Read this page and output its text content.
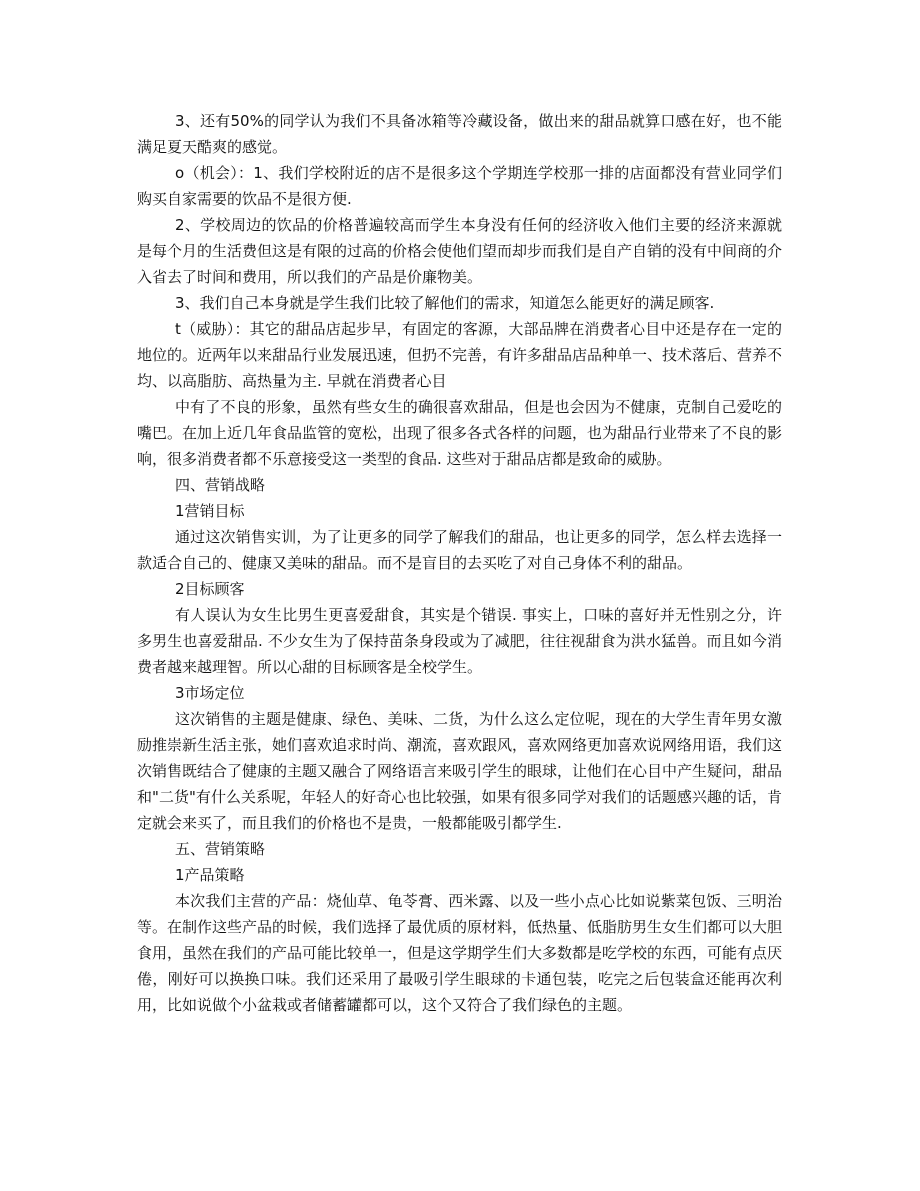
3、还有50%的同学认为我们不具备冰箱等冷藏设备，做出来的甜品就算口感在好，也不能满足夏天酷爽的感觉。

o（机会）：1、我们学校附近的店不是很多这个学期连学校那一排的店面都没有营业同学们购买自家需要的饮品不是很方便.

2、学校周边的饮品的价格普遍较高而学生本身没有任何的经济收入他们主要的经济来源就是每个月的生活费但这是有限的过高的价格会使他们望而却步而我们是自产自销的没有中间商的介入省去了时间和费用，所以我们的产品是价廉物美。

3、我们自己本身就是学生我们比较了解他们的需求，知道怎么能更好的满足顾客.

t（威胁）：其它的甜品店起步早，有固定的客源，大部品牌在消费者心目中还是存在一定的地位的。近两年以来甜品行业发展迅速，但扔不完善，有许多甜品店品种单一、技术落后、营养不均、以高脂肪、高热量为主. 早就在消费者心目

中有了不良的形象，虽然有些女生的确很喜欢甜品，但是也会因为不健康，克制自己爱吃的嘴巴。在加上近几年食品监管的宽松，出现了很多各式各样的问题，也为甜品行业带来了不良的影响，很多消费者都不乐意接受这一类型的食品. 这些对于甜品店都是致命的威胁。

四、营销战略

1营销目标

通过这次销售实训，为了让更多的同学了解我们的甜品，也让更多的同学，怎么样去选择一款适合自己的、健康又美味的甜品。而不是盲目的去买吃了对自己身体不利的甜品。

2目标顾客

有人误认为女生比男生更喜爱甜食，其实是个错误. 事实上，口味的喜好并无性别之分，许多男生也喜爱甜品. 不少女生为了保持苗条身段或为了减肥，往往视甜食为洪水猛兽。而且如今消费者越来越理智。所以心甜的目标顾客是全校学生。

3市场定位

这次销售的主题是健康、绿色、美味、二货，为什么这么定位呢，现在的大学生青年男女激励推崇新生活主张，她们喜欢追求时尚、潮流，喜欢跟风，喜欢网络更加喜欢说网络用语，我们这次销售既结合了健康的主题又融合了网络语言来吸引学生的眼球，让他们在心目中产生疑问，甜品和"二货"有什么关系呢，年轻人的好奇心也比较强，如果有很多同学对我们的话题感兴趣的话，肯定就会来买了，而且我们的价格也不是贵，一般都能吸引都学生.

五、营销策略

1产品策略

本次我们主营的产品：烧仙草、龟苓膏、西米露、以及一些小点心比如说紫菜包饭、三明治等。在制作这些产品的时候，我们选择了最优质的原材料，低热量、低脂肪男生女生们都可以大胆食用，虽然在我们的产品可能比较单一，但是这学期学生们大多数都是吃学校的东西，可能有点厌倦，刚好可以换换口味。我们还采用了最吸引学生眼球的卡通包装，吃完之后包装盒还能再次利用，比如说做个小盆栽或者储蓄罐都可以，这个又符合了我们绿色的主题。
